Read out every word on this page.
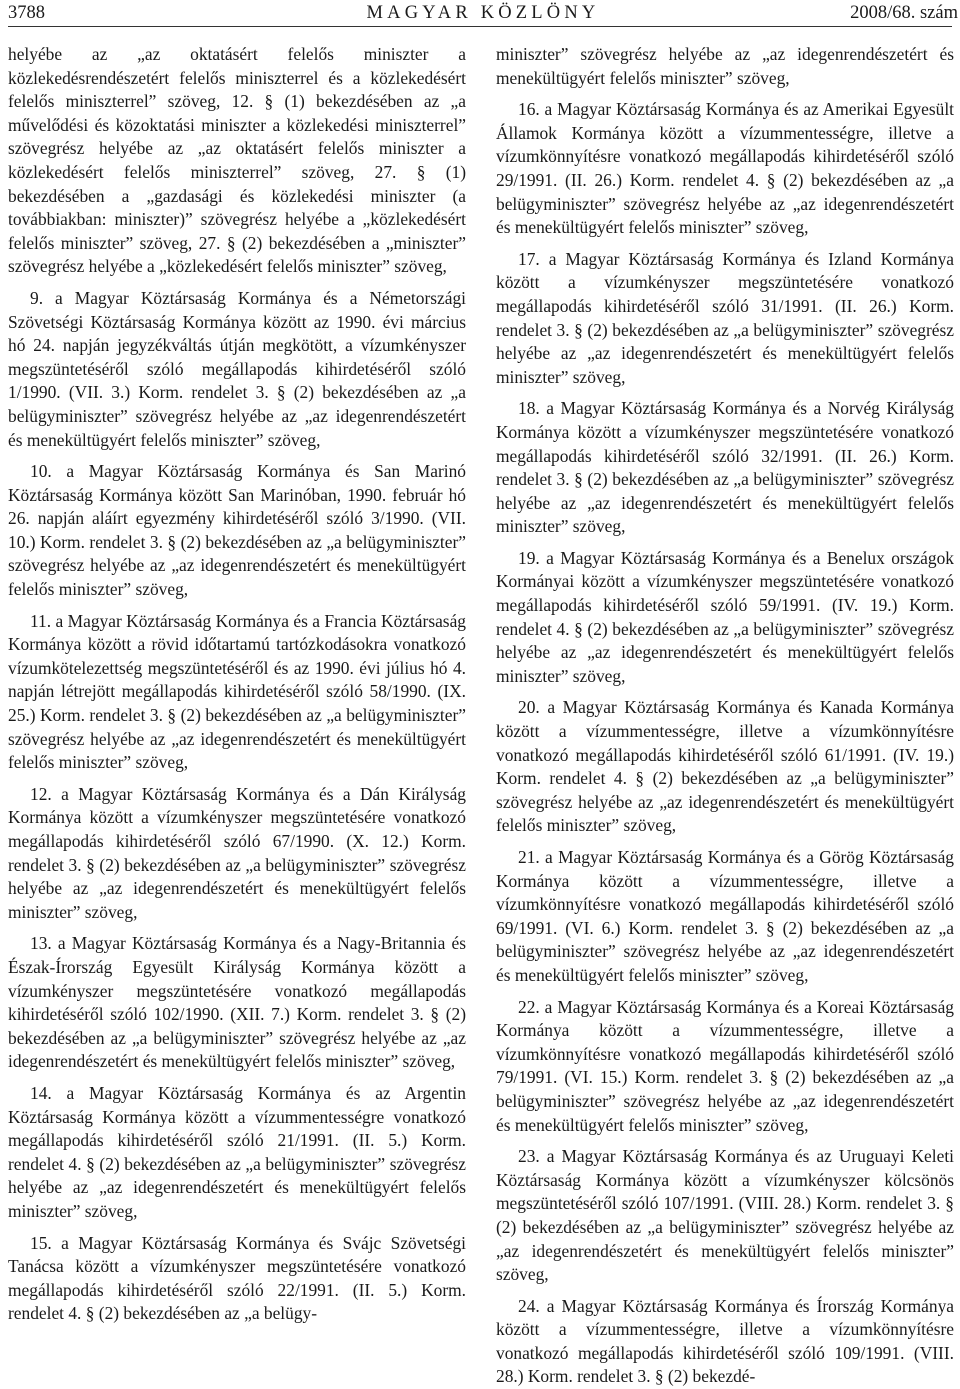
3788	MAGYAR KÖZLÖNY	2008/68. szám

helyébe az „az oktatásért felelős miniszter a közlekedésrendészetért felelős miniszterrel és a közlekedésért felelős miniszterrel” szöveg, 12. § (1) bekezdésében az „a művelődési és közoktatási miniszter a közlekedési miniszterrel” szövegrész helyébe az „az oktatásért felelős miniszter a közlekedésért felelős miniszterrel” szöveg, 27. § (1) bekezdésében a „gazdasági és közlekedési miniszter (a továbbiakban: miniszter)” szövegrész helyébe a „közlekedésért felelős miniszter” szöveg, 27. § (2) bekezdésében a „miniszter” szövegrész helyébe a „közlekedésért felelős miniszter” szöveg,

9. a Magyar Köztársaság Kormánya és a Németországi Szövetségi Köztársaság Kormánya között az 1990. évi március hó 24. napján jegyzékváltás útján megkötött, a vízumkényszer megszüntetéséről szóló megállapodás kihirdetéséről szóló 1/1990. (VII. 3.) Korm. rendelet 3. § (2) bekezdésében az „a belügyminiszter” szövegrész helyébe az „az idegenrendészetért és menekültügyért felelős miniszter” szöveg,

10. a Magyar Köztársaság Kormánya és San Marinó Köztársaság Kormánya között San Marinóban, 1990. február hó 26. napján aláírt egyezmény kihirdetéséről szóló 3/1990. (VII. 10.) Korm. rendelet 3. § (2) bekezdésében az „a belügyminiszter” szövegrész helyébe az „az idegenrendészetért és menekültügyért felelős miniszter” szöveg,

11. a Magyar Köztársaság Kormánya és a Francia Köztársaság Kormánya között a rövid időtartamú tartózkodásokra vonatkozó vízumkötelezettség megszüntetéséről és az 1990. évi július hó 4. napján létrejött megállapodás kihirdetéséről szóló 58/1990. (IX. 25.) Korm. rendelet 3. § (2) bekezdésében az „a belügyminiszter” szövegrész helyébe az „az idegenrendészetért és menekültügyért felelős miniszter” szöveg,

12. a Magyar Köztársaság Kormánya és a Dán Királyság Kormánya között a vízumkényszer megszüntetésére vonatkozó megállapodás kihirdetéséről szóló 67/1990. (X. 12.) Korm. rendelet 3. § (2) bekezdésében az „a belügyminiszter” szövegrész helyébe az „az idegenrendészetért és menekültügyért felelős miniszter” szöveg,

13. a Magyar Köztársaság Kormánya és a Nagy-Britannia és Észak-Írország Egyesült Királyság Kormánya között a vízumkényszer megszüntetésére vonatkozó megállapodás kihirdetéséről szóló 102/1990. (XII. 7.) Korm. rendelet 3. § (2) bekezdésében az „a belügyminiszter” szövegrész helyébe az „az idegenrendészetért és menekültügyért felelős miniszter” szöveg,

14. a Magyar Köztársaság Kormánya és az Argentin Köztársaság Kormánya között a vízummentességre vonatkozó megállapodás kihirdetéséről szóló 21/1991. (II. 5.) Korm. rendelet 4. § (2) bekezdésében az „a belügyminiszter” szövegrész helyébe az „az idegenrendészetért és menekültügyért felelős miniszter” szöveg,

15. a Magyar Köztársaság Kormánya és Svájc Szövetségi Tanácsa között a vízumkényszer megszüntetésére vonatkozó megállapodás kihirdetéséről szóló 22/1991. (II. 5.) Korm. rendelet 4. § (2) bekezdésében az „a belügy-

miniszter” szövegrész helyébe az „az idegenrendészetért és menekültügyért felelős miniszter” szöveg,

16. a Magyar Köztársaság Kormánya és az Amerikai Egyesült Államok Kormánya között a vízummentességre, illetve a vízumkönnyítésre vonatkozó megállapodás kihirdetéséről szóló 29/1991. (II. 26.) Korm. rendelet 4. § (2) bekezdésében az „a belügyminiszter” szövegrész helyébe az „az idegenrendészetért és menekültügyért felelős miniszter” szöveg,

17. a Magyar Köztársaság Kormánya és Izland Kormánya között a vízumkényszer megszüntetésére vonatkozó megállapodás kihirdetéséről szóló 31/1991. (II. 26.) Korm. rendelet 3. § (2) bekezdésében az „a belügyminiszter” szövegrész helyébe az „az idegenrendészetért és menekültügyért felelős miniszter” szöveg,

18. a Magyar Köztársaság Kormánya és a Norvég Királyság Kormánya között a vízumkényszer megszüntetésére vonatkozó megállapodás kihirdetéséről szóló 32/1991. (II. 26.) Korm. rendelet 3. § (2) bekezdésében az „a belügyminiszter” szövegrész helyébe az „az idegenrendészetért és menekültügyért felelős miniszter” szöveg,

19. a Magyar Köztársaság Kormánya és a Benelux országok Kormányai között a vízumkényszer megszüntetésére vonatkozó megállapodás kihirdetéséről szóló 59/1991. (IV. 19.) Korm. rendelet 4. § (2) bekezdésében az „a belügyminiszter” szövegrész helyébe az „az idegenrendészetért és menekültügyért felelős miniszter” szöveg,

20. a Magyar Köztársaság Kormánya és Kanada Kormánya között a vízummentességre, illetve a vízumkönnyítésre vonatkozó megállapodás kihirdetéséről szóló 61/1991. (IV. 19.) Korm. rendelet 4. § (2) bekezdésében az „a belügyminiszter” szövegrész helyébe az „az idegenrendészetért és menekültügyért felelős miniszter” szöveg,

21. a Magyar Köztársaság Kormánya és a Görög Köztársaság Kormánya között a vízummentességre, illetve a vízumkönnyítésre vonatkozó megállapodás kihirdetéséről szóló 69/1991. (VI. 6.) Korm. rendelet 3. § (2) bekezdésében az „a belügyminiszter” szövegrész helyébe az „az idegenrendészetért és menekültügyért felelős miniszter” szöveg,

22. a Magyar Köztársaság Kormánya és a Koreai Köztársaság Kormánya között a vízummentességre, illetve a vízumkönnyítésre vonatkozó megállapodás kihirdetéséről szóló 79/1991. (VI. 15.) Korm. rendelet 3. § (2) bekezdésében az „a belügyminiszter” szövegrész helyébe az „az idegenrendészetért és menekültügyért felelős miniszter” szöveg,

23. a Magyar Köztársaság Kormánya és az Uruguayi Keleti Köztársaság Kormánya között a vízumkényszer kölcsönös megszüntetéséről szóló 107/1991. (VIII. 28.) Korm. rendelet 3. § (2) bekezdésében az „a belügyminiszter” szövegrész helyébe az „az idegenrendészetért és menekültügyért felelős miniszter” szöveg,

24. a Magyar Köztársaság Kormánya és Írország Kormánya között a vízummentességre, illetve a vízumkönnyítésre vonatkozó megállapodás kihirdetéséről szóló 109/1991. (VIII. 28.) Korm. rendelet 3. § (2) bekezdé-
